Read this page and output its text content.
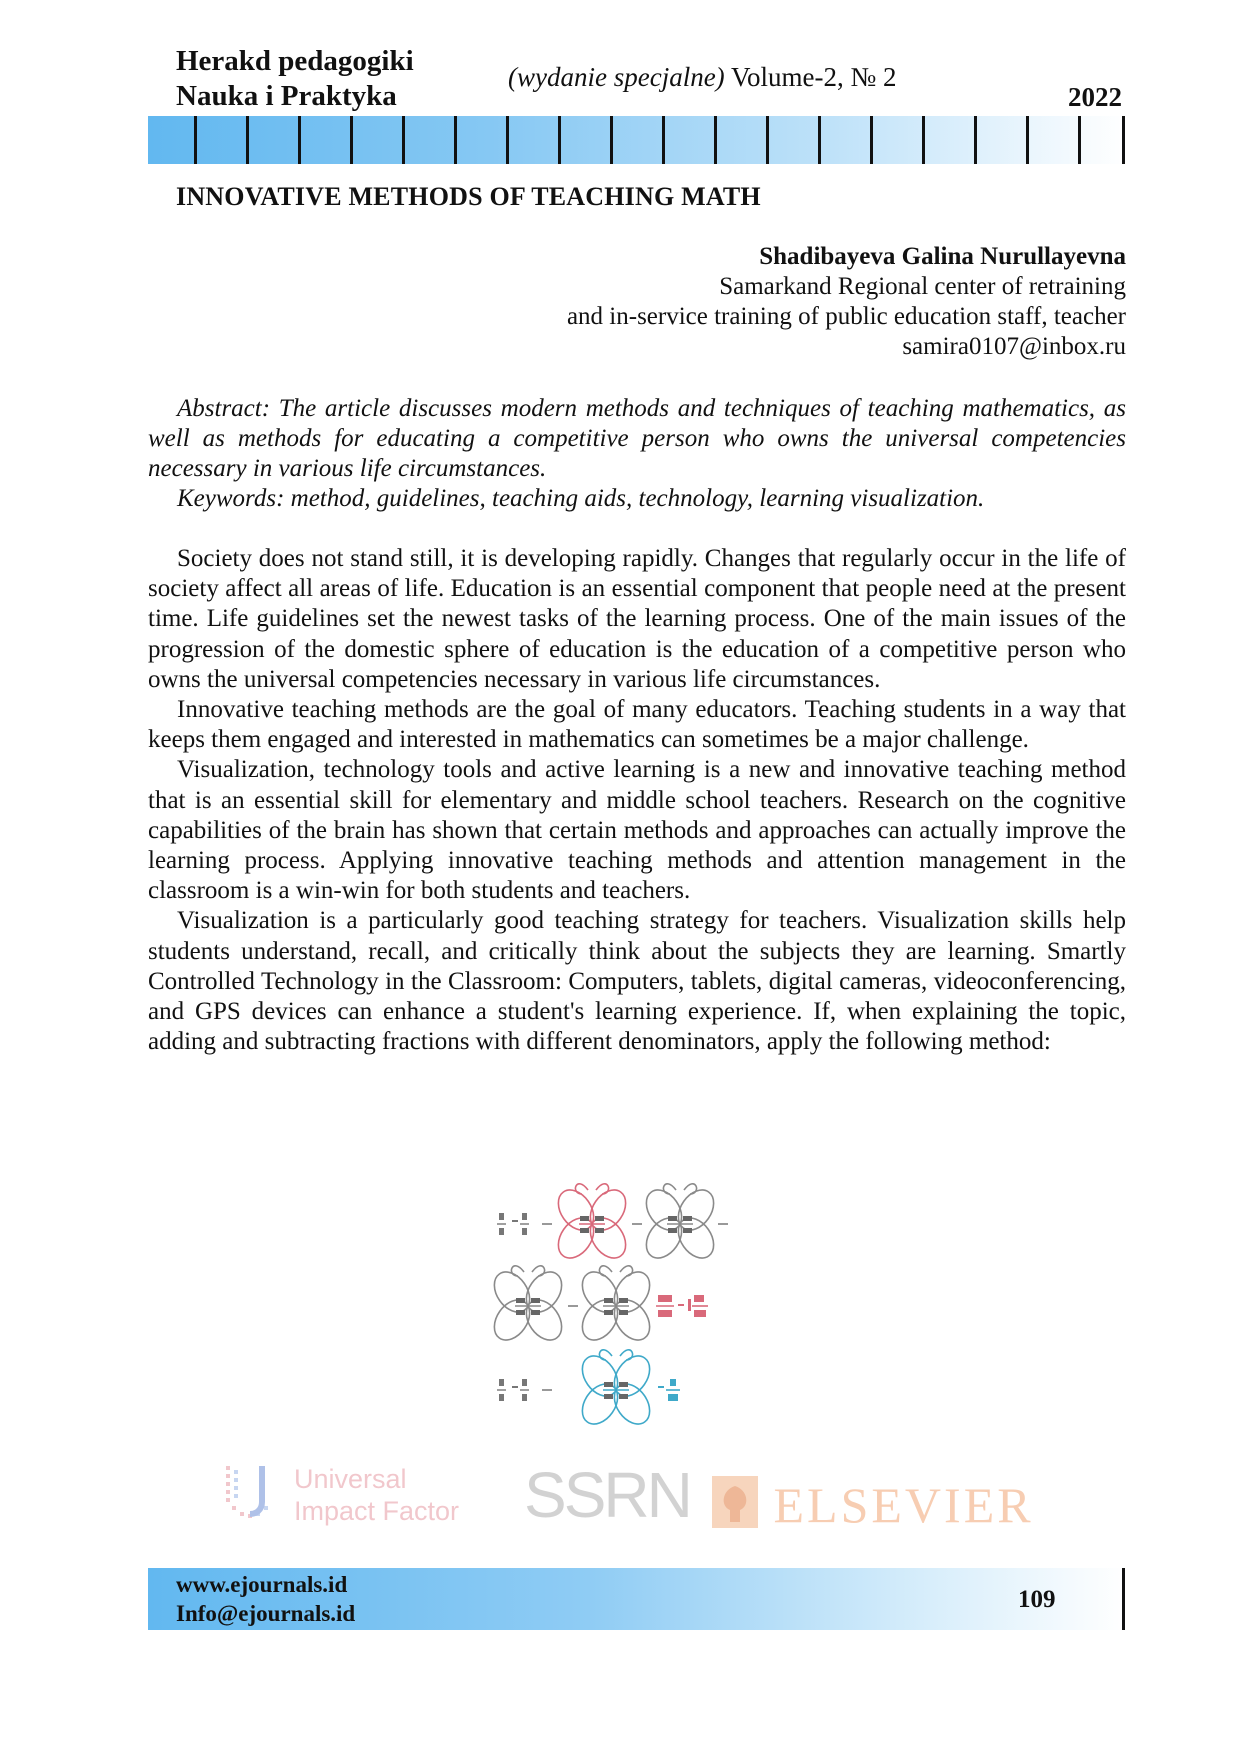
Herakd pedagogiki
Nauka i Praktyka
(wydanie specjalne) Volume-2, № 2
2022
INNOVATIVE METHODS OF TEACHING MATH
Shadibayeva Galina Nurullayevna
Samarkand Regional center of retraining
and in-service training of public education staff, teacher
samira0107@inbox.ru

Abstract: The article discusses modern methods and techniques of teaching mathematics, as well as methods for educating a competitive person who owns the universal competencies necessary in various life circumstances.

Keywords: method, guidelines, teaching aids, technology, learning visualization.

Society does not stand still, it is developing rapidly. Changes that regularly occur in the life of society affect all areas of life. Education is an essential component that people need at the present time. Life guidelines set the newest tasks of the learning process. One of the main issues of the progression of the domestic sphere of education is the education of a competitive person who owns the universal competencies necessary in various life circumstances.

Innovative teaching methods are the goal of many educators. Teaching students in a way that keeps them engaged and interested in mathematics can sometimes be a major challenge.

Visualization, technology tools and active learning is a new and innovative teaching method that is an essential skill for elementary and middle school teachers. Research on the cognitive capabilities of the brain has shown that certain methods and approaches can actually improve the learning process. Applying innovative teaching methods and attention management in the classroom is a win-win for both students and teachers.

Visualization is a particularly good teaching strategy for teachers. Visualization skills help students understand, recall, and critically think about the subjects they are learning. Smartly Controlled Technology in the Classroom: Computers, tablets, digital cameras, videoconferencing, and GPS devices can enhance a student's learning experience. If, when explaining the topic, adding and subtracting fractions with different denominators, apply the following method:

Universal
Impact Factor SSRN	ELSEVIER
www.ejournals.id
Info@ejournals.id
109
